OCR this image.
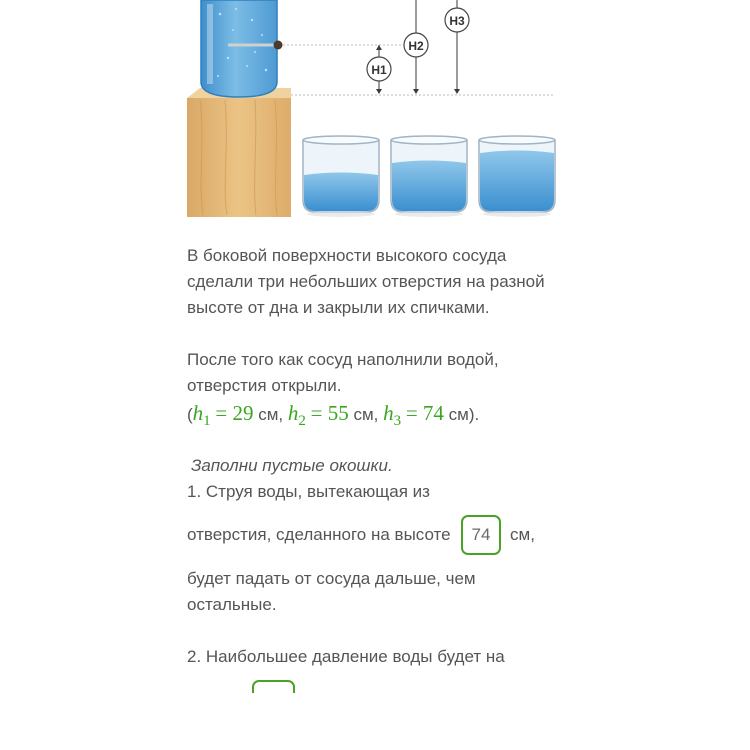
H1
H2
H3

В боковой поверхности высокого сосуда

сделали три небольших отверстия на разной

высоте от дна и закрыли их спичками.

После того как сосуд наполнили водой,

отверстия открыли.

(h1 = 29 см, h2 = 55 см, h3 = 74 см).

Заполни пустые окошки.

1. Струя воды, вытекающая из

отверстия, сделанного на высоте	74	см,

будет падать от сосуда дальше, чем

остальные.

2. Наибольшее давление воды будет на
